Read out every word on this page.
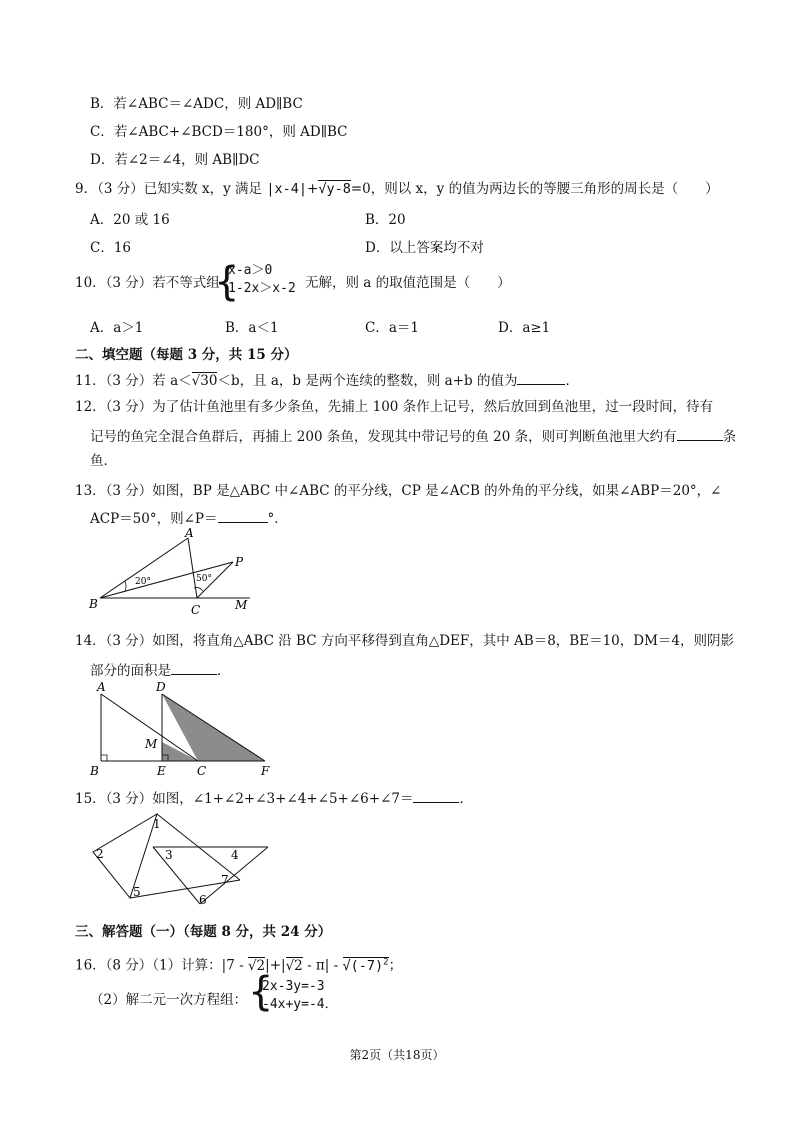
B．若∠ABC＝∠ADC，则 AD∥BC
C．若∠ABC+∠BCD＝180°，则 AD∥BC
D．若∠2＝∠4，则 AB∥DC
9．（3 分）已知实数 x，y 满足 |x-4|+√y-8=0，则以 x，y 的值为两边长的等腰三角形的周长是（　　）
A．20 或 16	B．20
C．16	D．以上答案均不对
10．（3 分）若不等式组
{
x-a＞0
1-2x＞x-2 无解，则 a 的取值范围是（　　）
A．a＞1	B．a＜1	C．a＝1	D．a≥1
二、填空题（每题 3 分，共 15 分）
11．（3 分）若 a＜√30＜b，且 a，b 是两个连续的整数，则 a+b 的值为	．
12．（3 分）为了估计鱼池里有多少条鱼，先捕上 100 条作上记号，然后放回到鱼池里，过一段时间，待有
记号的鱼完全混合鱼群后，再捕上 200 条鱼，发现其中带记号的鱼 20 条，则可判断鱼池里大约有	条
鱼．
13．（3 分）如图，BP 是△ABC 中∠ABC 的平分线，CP 是∠ACB 的外角的平分线，如果∠ABP＝20°，∠
ACP＝50°，则∠P＝	°．
A
B	C
P
M
20°	50°
14．（3 分）如图，将直角△ABC 沿 BC 方向平移得到直角△DEF，其中 AB＝8，BE＝10，DM＝4，则阴影
部分的面积是	．
A	D
M
B	E	C	F
15．（3 分）如图，∠1+∠2+∠3+∠4+∠5+∠6+∠7＝	．
1
2	3	4
5
6
7
三、解答题（一）（每题 8 分，共 24 分）
16．（8 分）（1）计算：$|7 - √2|+|√2 - \pi| - √(-7)^2$；
（2）解二元一次方程组： {
2x-3y=-3
-4x+y=-4．
第2页（共18页）
